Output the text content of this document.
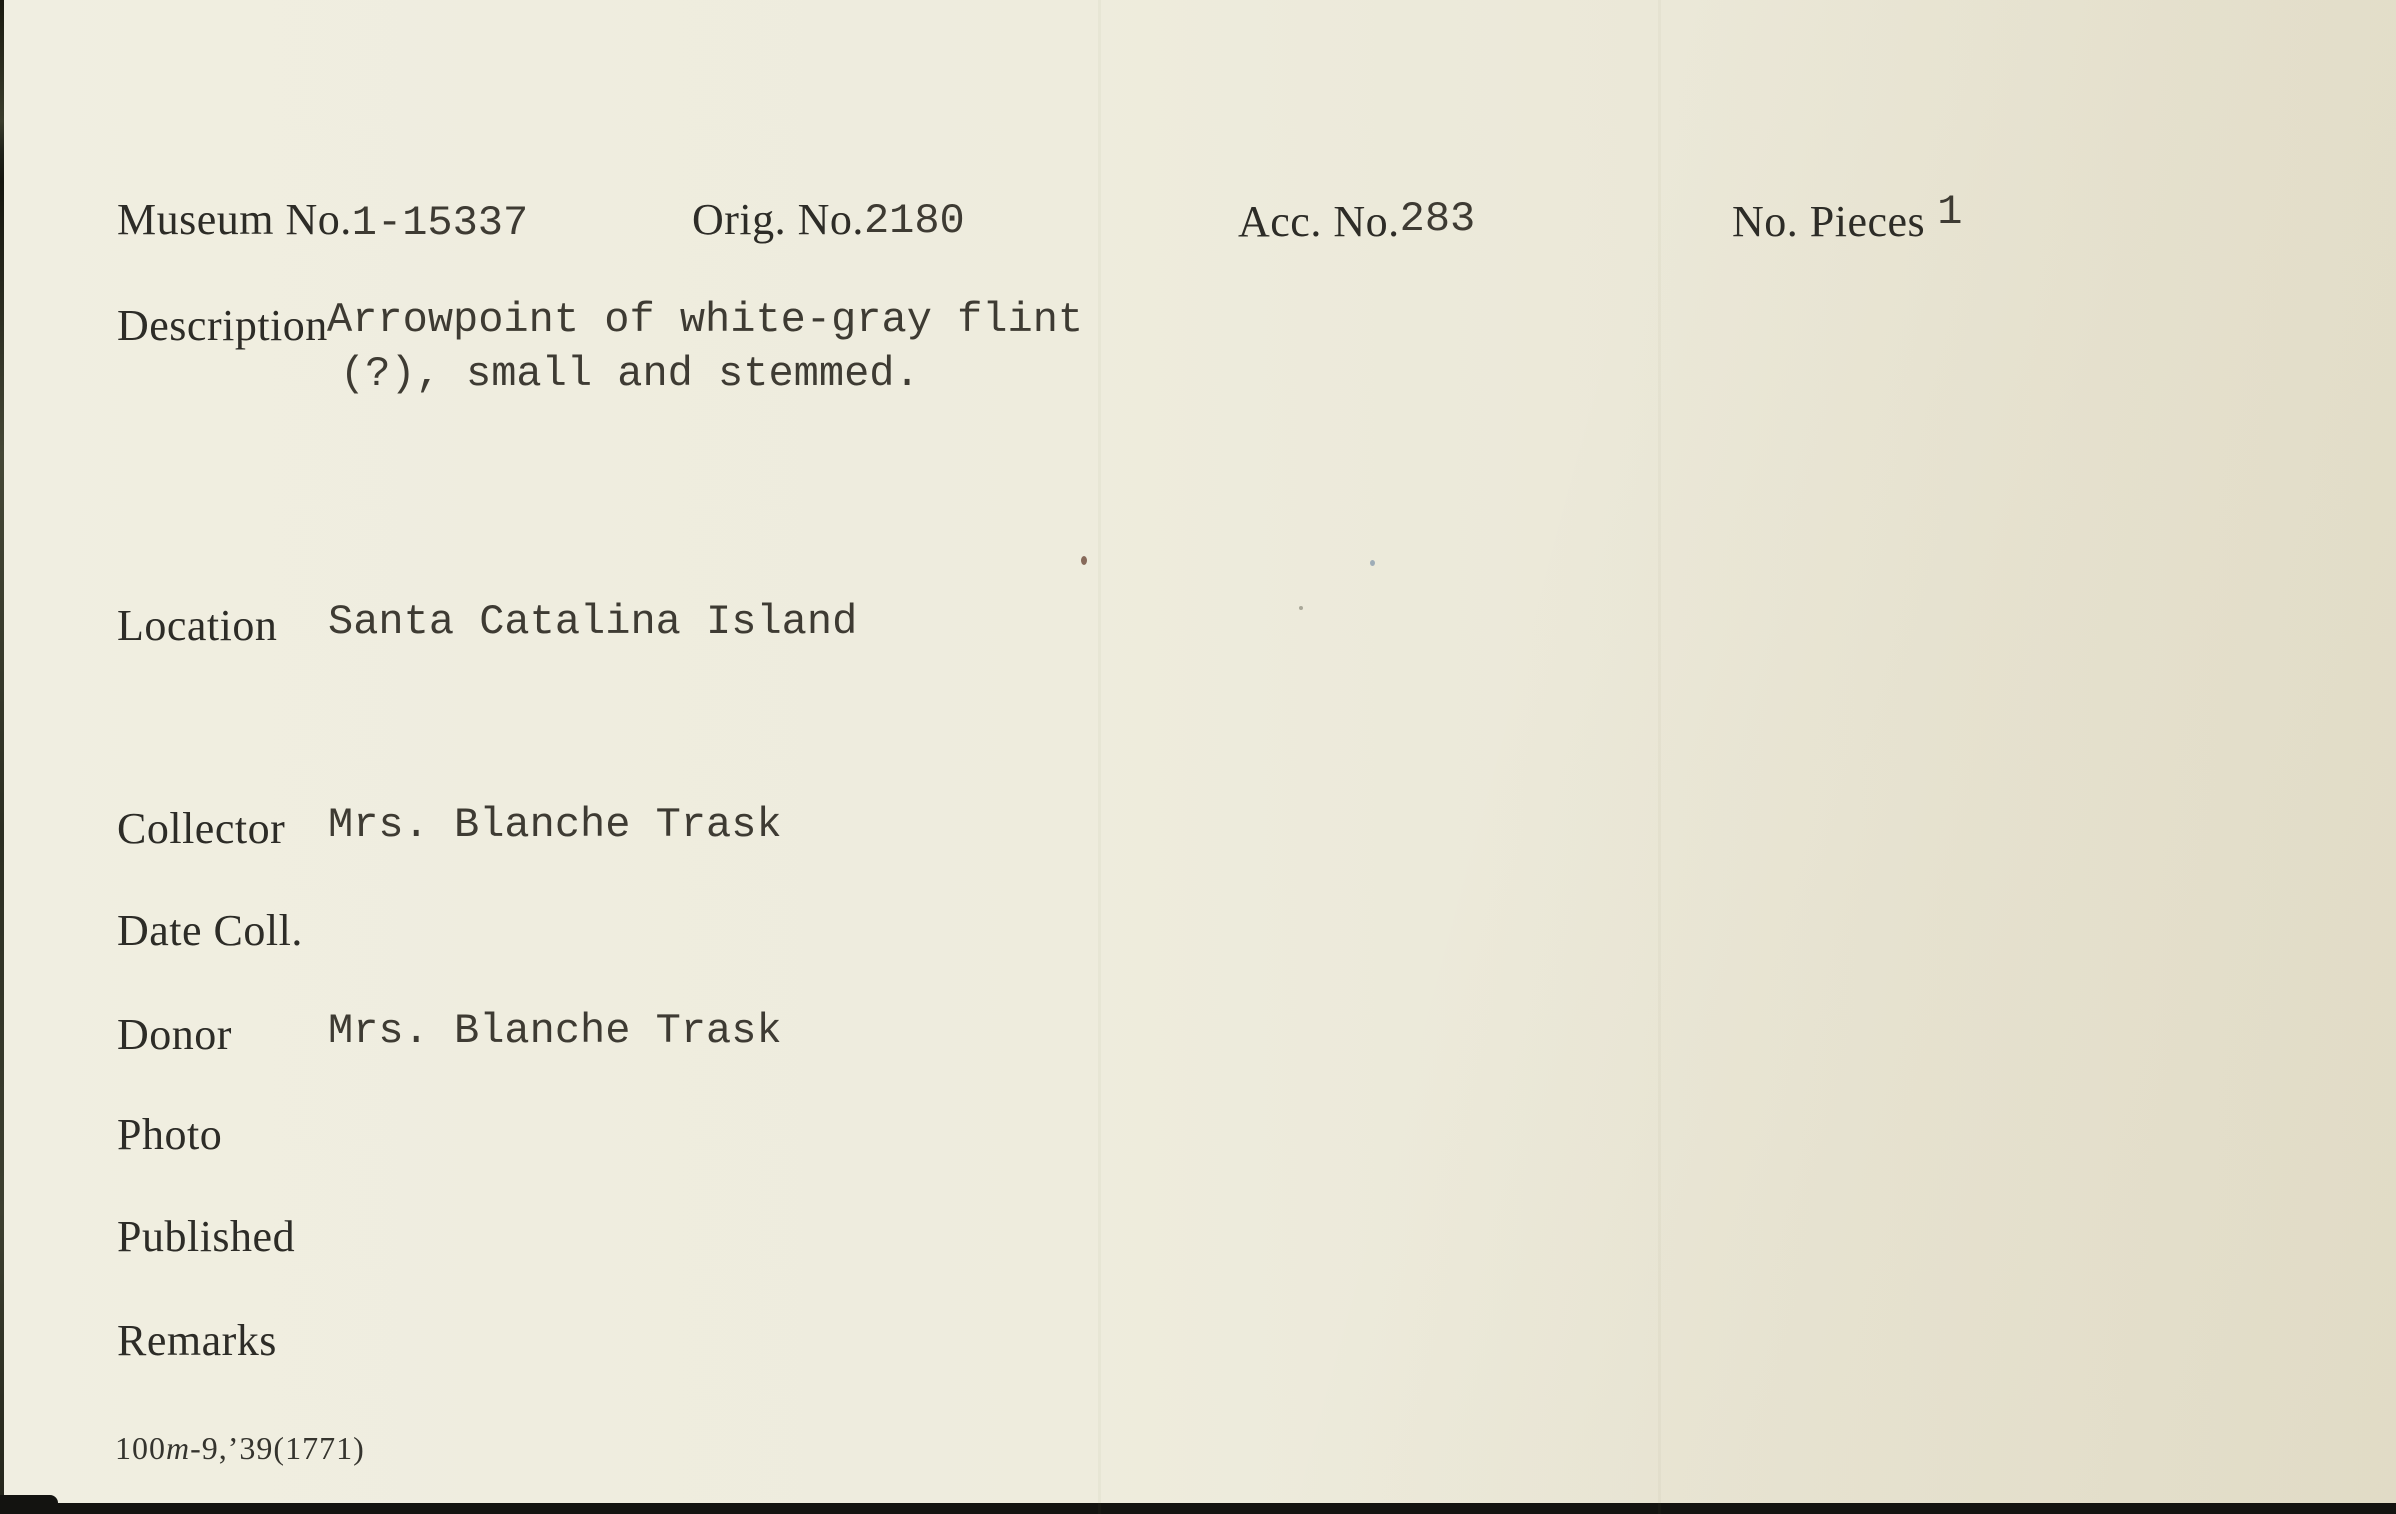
Museum No.1-15337	Orig. No.2180	Acc. No.283	No. Pieces 1
Description Arrowpoint of white-gray flint
(?), small and stemmed.
Location Santa Catalina Island
Collector Mrs. Blanche Trask
Date Coll.
Donor Mrs. Blanche Trask
Photo
Published
Remarks
100m-9,’39(1771)
